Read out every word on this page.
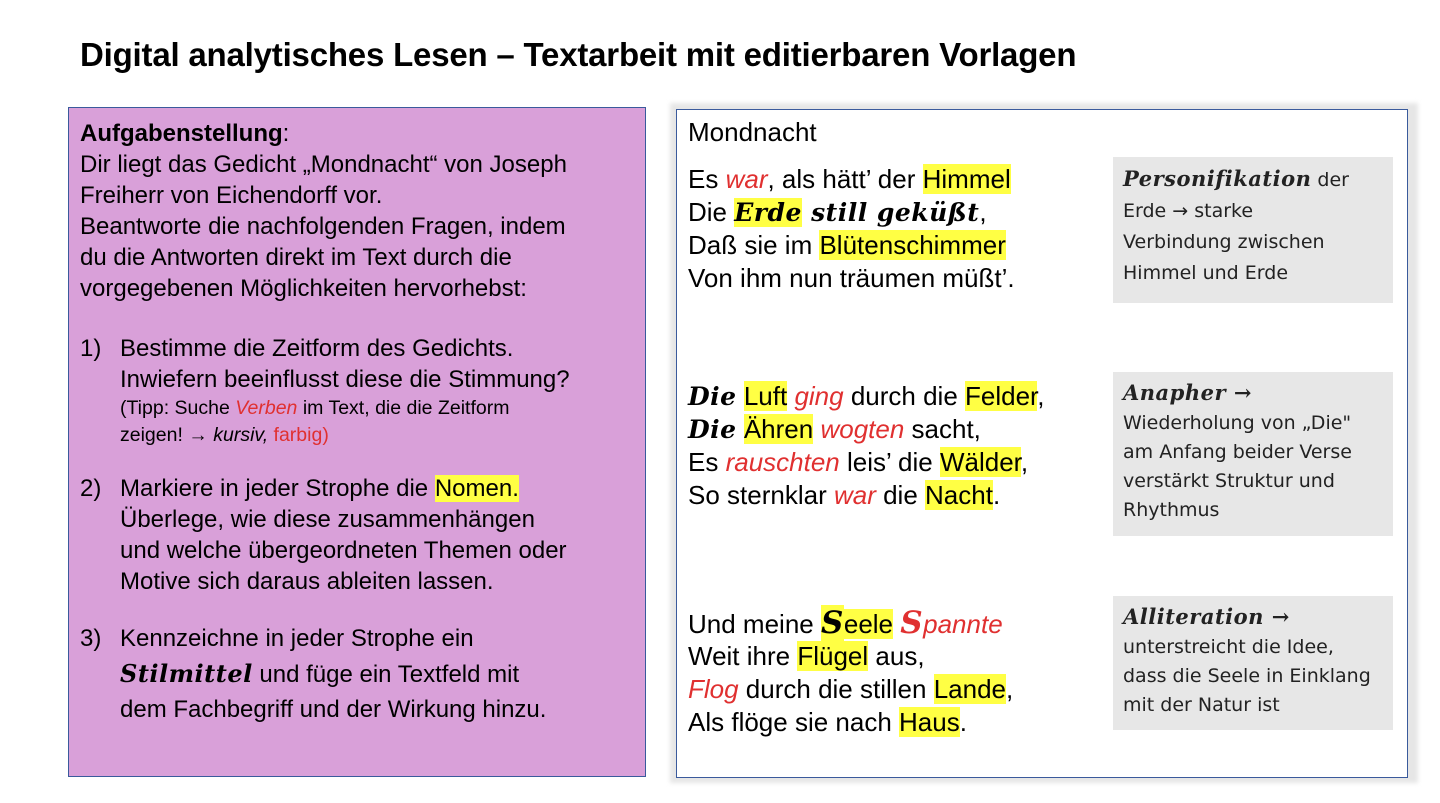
Digital analytisches Lesen – Textarbeit mit editierbaren Vorlagen

Aufgabenstellung:

Dir liegt das Gedicht „Mondnacht“ von Joseph

Freiherr von Eichendorff vor.

Beantworte die nachfolgenden Fragen, indem

du die Antworten direkt im Text durch die

vorgegebenen Möglichkeiten hervorhebst:

1) Bestimme die Zeitform des Gedichts.

Inwiefern beeinflusst diese die Stimmung?

(Tipp: Suche Verben im Text, die die Zeitform

zeigen! → kursiv, farbig)

2) Markiere in jeder Strophe die Nomen.

Überlege, wie diese zusammenhängen

und welche übergeordneten Themen oder

Motive sich daraus ableiten lassen.

3) Kennzeichne in jeder Strophe ein

Stilmittel und füge ein Textfeld mit

dem Fachbegriff und der Wirkung hinzu.

Mondnacht
Es war, als hätt’ der Himmel
Die Erde still geküßt,
Daß sie im Blütenschimmer
Von ihm nun träumen müßt’.
Die Luft ging durch die Felder,
Die Ähren wogten sacht,
Es rauschten leis’ die Wälder,
So sternklar war die Nacht.
Und meine Seele Spannte
Weit ihre Flügel aus,
Flog durch die stillen Lande,
Als flöge sie nach Haus.
Personifikation der
Erde → starke
Verbindung zwischen
Himmel und Erde
Anapher →
Wiederholung von „Die"
am Anfang beider Verse
verstärkt Struktur und
Rhythmus
Alliteration →
unterstreicht die Idee,
dass die Seele in Einklang
mit der Natur ist
